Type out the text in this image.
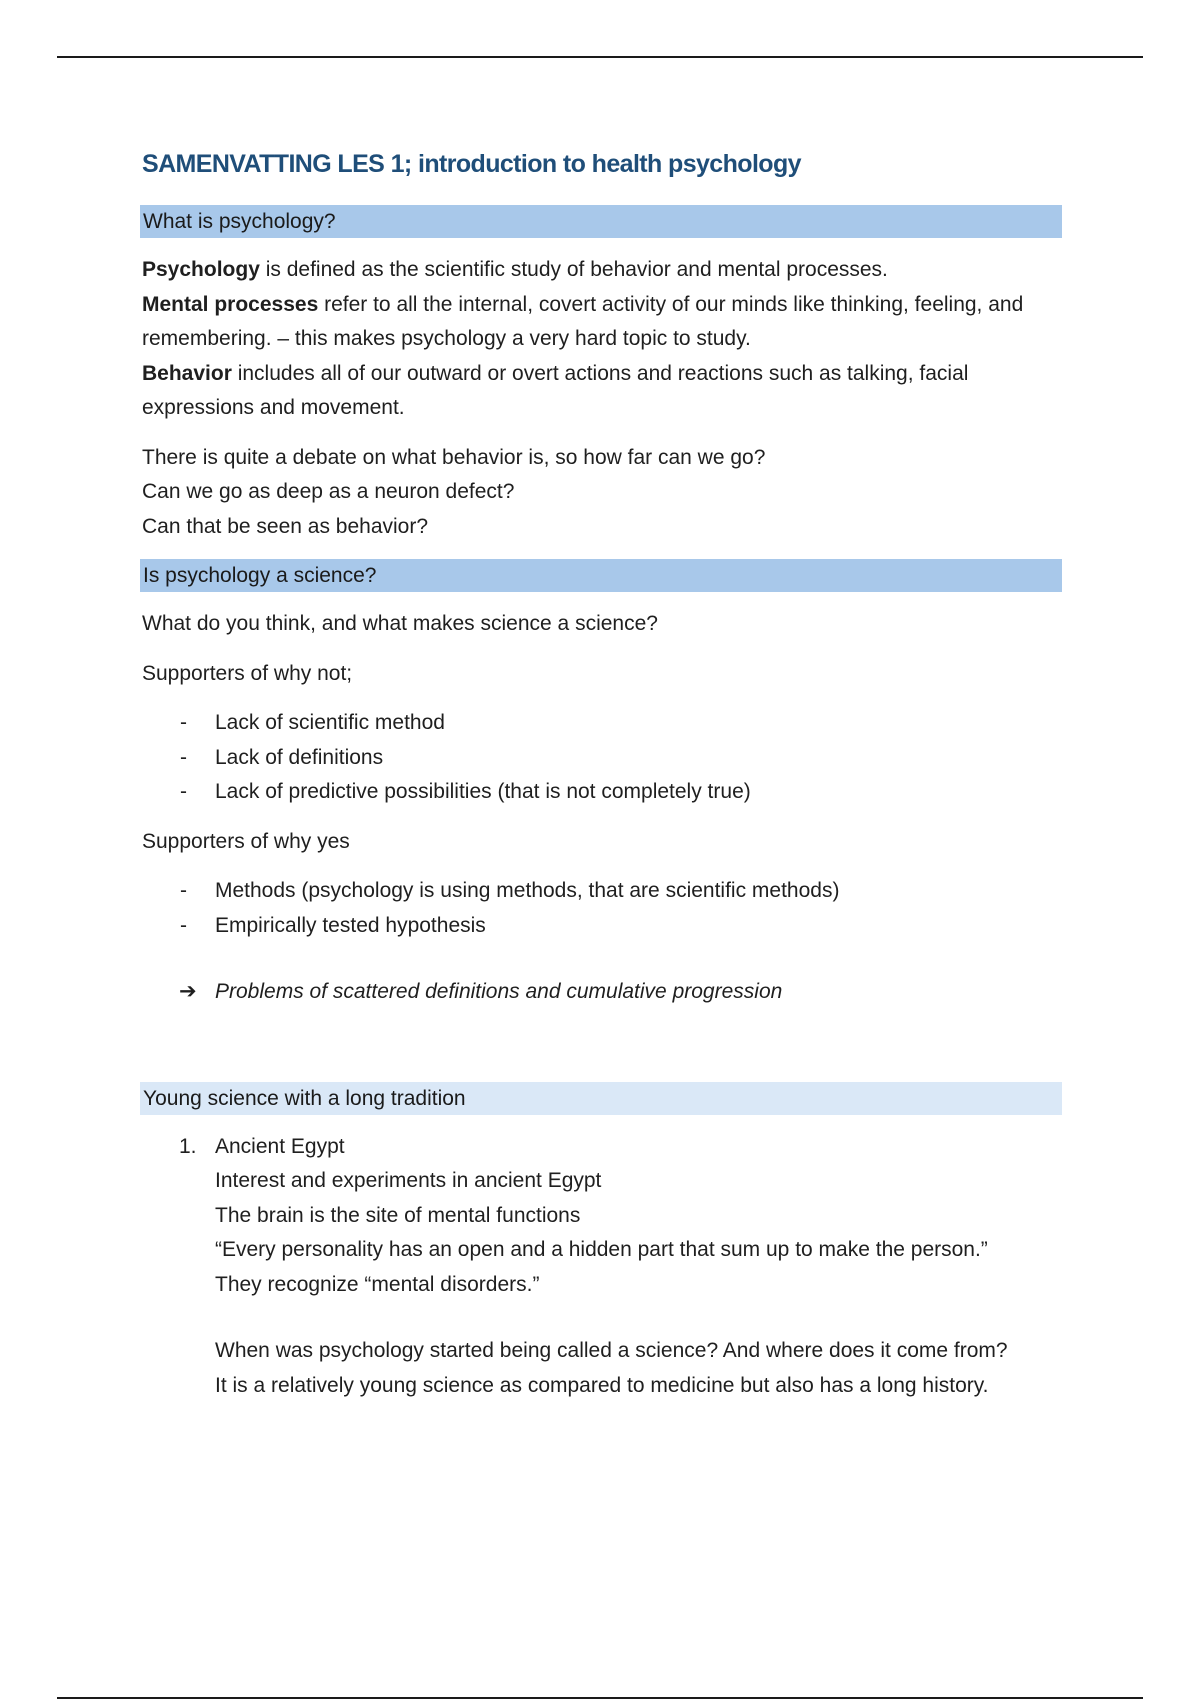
SAMENVATTING LES 1; introduction to health psychology
What is psychology?

Psychology is defined as the scientific study of behavior and mental processes.
Mental processes refer to all the internal, covert activity of our minds like thinking, feeling, and remembering. – this makes psychology a very hard topic to study.
Behavior includes all of our outward or overt actions and reactions such as talking, facial expressions and movement.

There is quite a debate on what behavior is, so how far can we go?
Can we go as deep as a neuron defect?
Can that be seen as behavior?

Is psychology a science?

What do you think, and what makes science a science?

Supporters of why not;

- Lack of scientific method
- Lack of definitions
- Lack of predictive possibilities (that is not completely true)

Supporters of why yes

- Methods (psychology is using methods, that are scientific methods)
- Empirically tested hypothesis
➔ Problems of scattered definitions and cumulative progression
Young science with a long tradition
1. Ancient Egypt
Interest and experiments in ancient Egypt
The brain is the site of mental functions
“Every personality has an open and a hidden part that sum up to make the person.”
They recognize “mental disorders.”
When was psychology started being called a science? And where does it come from?
It is a relatively young science as compared to medicine but also has a long history.
